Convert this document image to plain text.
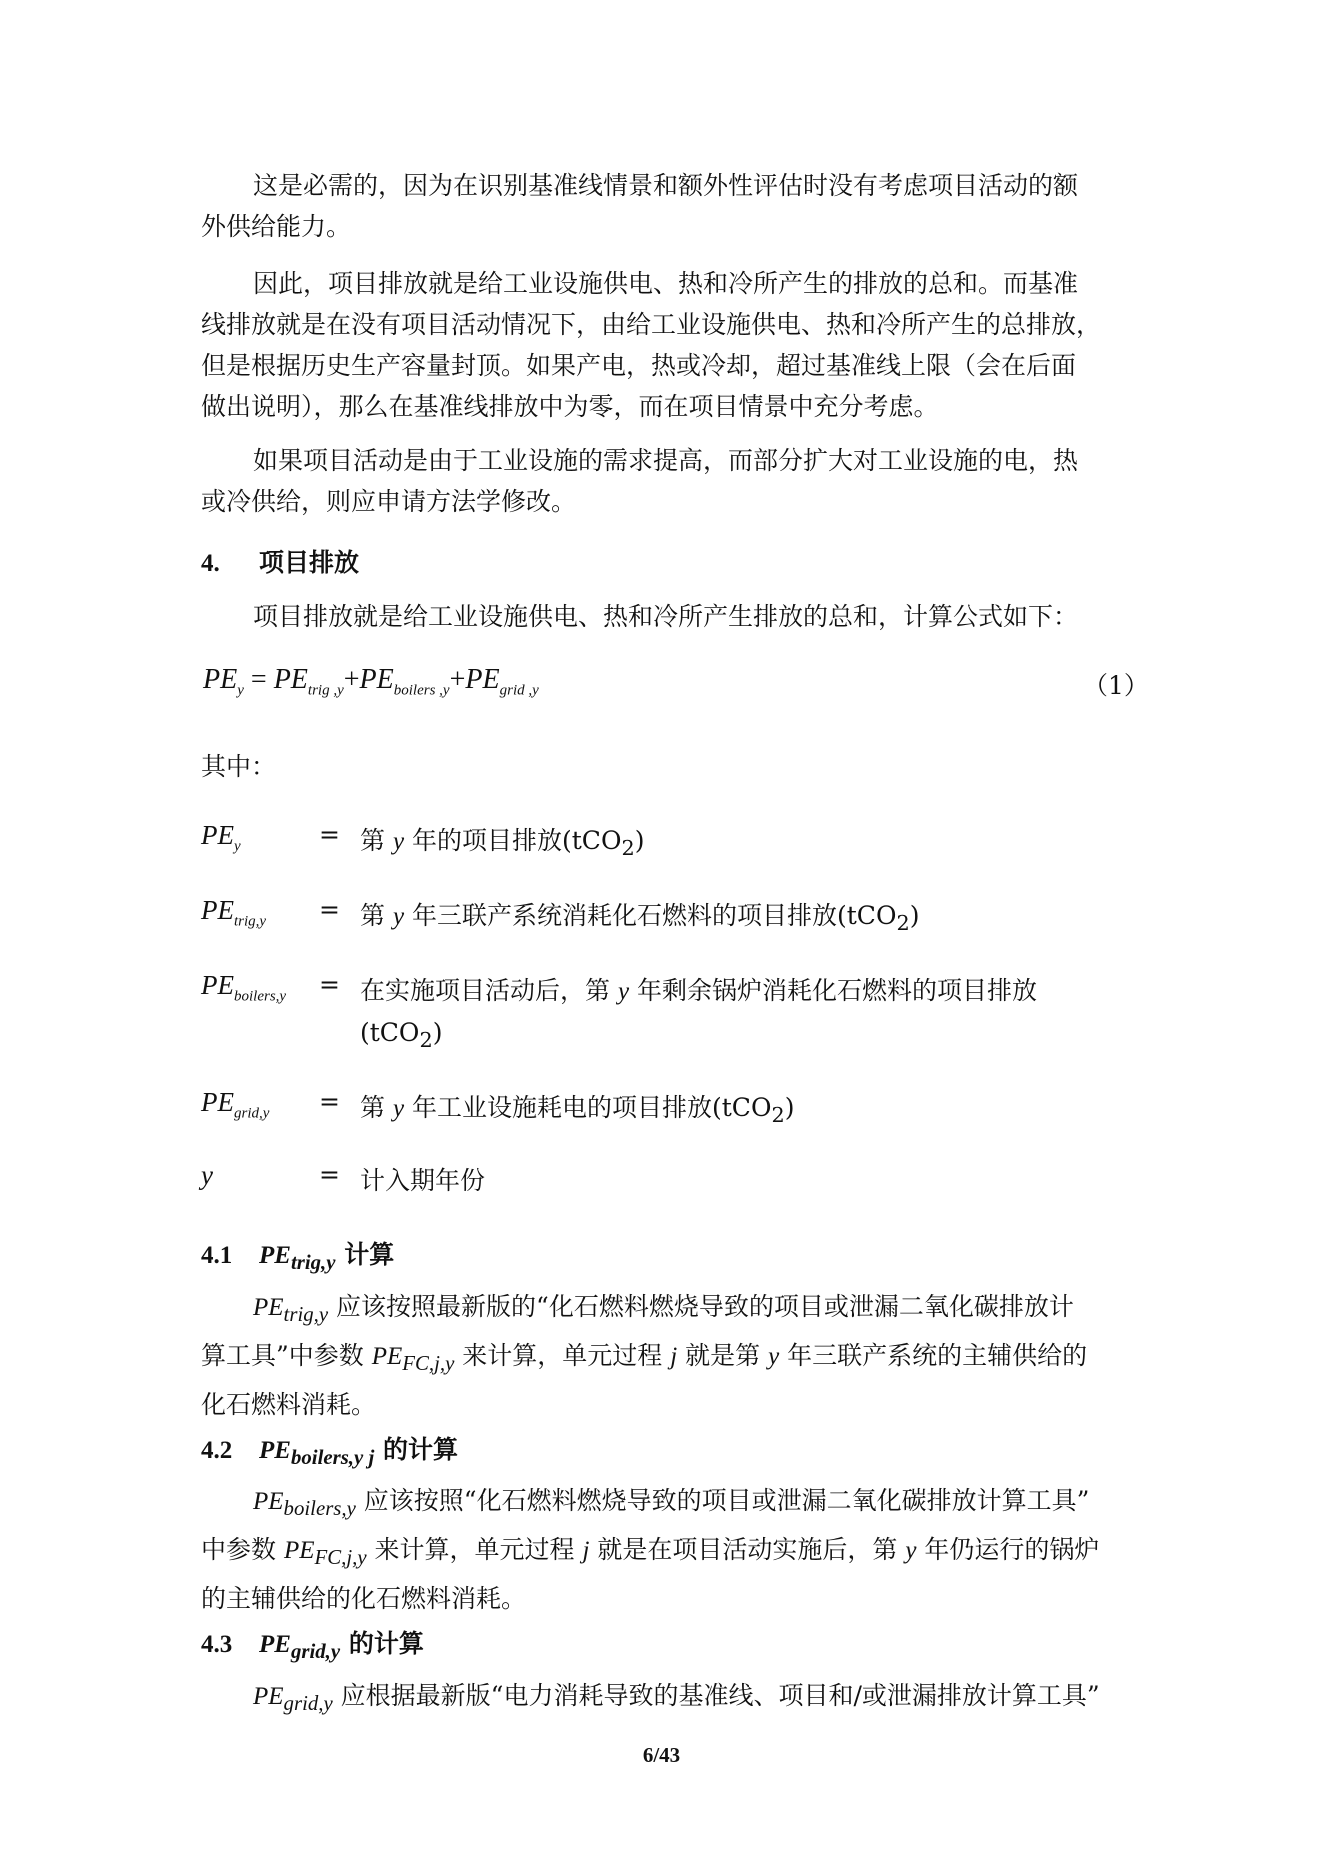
这是必需的，因为在识别基准线情景和额外性评估时没有考虑项目活动的额
外供给能力。
因此，项目排放就是给工业设施供电、热和冷所产生的排放的总和。而基准
线排放就是在没有项目活动情况下，由给工业设施供电、热和冷所产生的总排放，
但是根据历史生产容量封顶。如果产电，热或冷却，超过基准线上限（会在后面
做出说明），那么在基准线排放中为零，而在项目情景中充分考虑。
如果项目活动是由于工业设施的需求提高，而部分扩大对工业设施的电，热
或冷供给，则应申请方法学修改。
4. 项目排放
项目排放就是给工业设施供电、热和冷所产生排放的总和，计算公式如下：
$PE_y = PE_{trig ,y}+PE_{boilers ,y}+PE_{grid ,y}$	（1）
其中：
$PE_y$	= 第 y 年的项目排放(tCO$_2$)
$PE_{trig,y}$ = 第 y 年三联产系统消耗化石燃料的项目排放(tCO$_2$)
$PE_{boilers,y}$ = 在实施项目活动后，第 y 年剩余锅炉消耗化石燃料的项目排放
(tCO$_2$)
$PE_{grid,y}$ = 第 y 年工业设施耗电的项目排放(tCO$_2$)
y	= 计入期年份
4.1 $PE_{trig,y}$ 计算
$PE_{trig,y}$ 应该按照最新版的“化石燃料燃烧导致的项目或泄漏二氧化碳排放计
算工具”中参数 $PE_{FC,j,y}$ 来计算，单元过程 j 就是第 y 年三联产系统的主辅供给的
化石燃料消耗。
4.2 $PE_{boilers,y j}$ 的计算
$PE_{boilers,y}$ 应该按照“化石燃料燃烧导致的项目或泄漏二氧化碳排放计算工具”
中参数 $PE_{FC,j,y}$ 来计算，单元过程 j 就是在项目活动实施后，第 y 年仍运行的锅炉
的主辅供给的化石燃料消耗。
4.3 $PE_{grid,y}$ 的计算
$PE_{grid,y}$ 应根据最新版“电力消耗导致的基准线、项目和/或泄漏排放计算工具”
6/43
